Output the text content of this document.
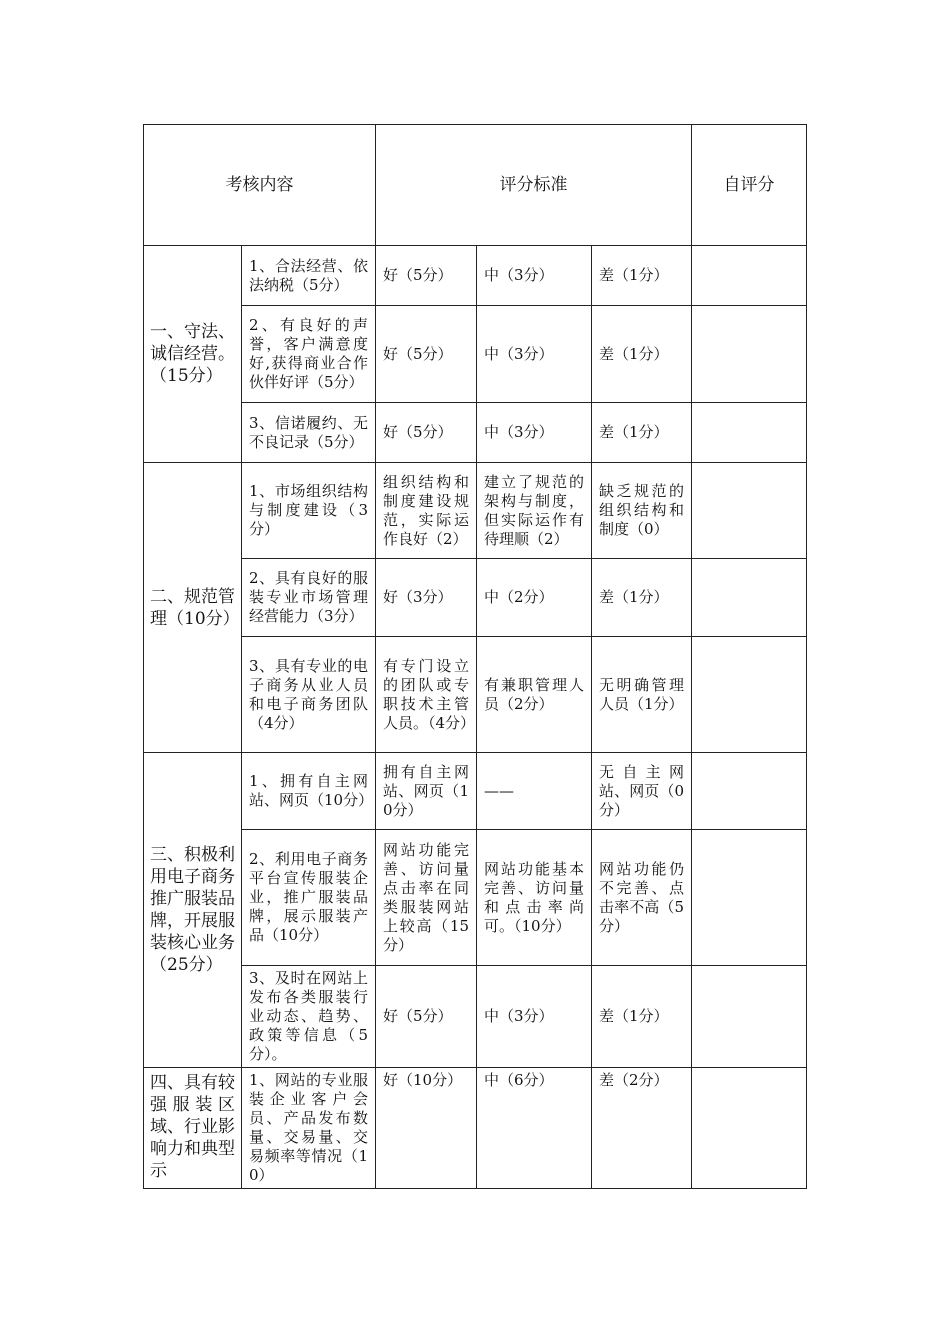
考核内容		评分标准			自评分
一、守法、诚信经营。（15分）	1、合法经营、依法纳税（5分）	好（5分）	中（3分）	差（1分）	
	2、有良好的声誉，客户满意度好,获得商业合作伙伴好评（5分）	好（5分）	中（3分）	差（1分）	
	3、信诺履约、无不良记录（5分）	好（5分）	中（3分）	差（1分）	
二、规范管理（10分）	1、市场组织结构与制度建设（3分）	组织结构和制度建设规范，实际运作良好（2）	建立了规范的架构与制度，但实际运作有待理顺（2）	缺乏规范的组织结构和制度（0）	
	2、具有良好的服装专业市场管理经营能力（3分）	好（3分）	中（2分）	差（1分）	
	3、具有专业的电子商务从业人员和电子商务团队（4分）	有专门设立的团队或专职技术主管人员。（4分）	有兼职管理人员（2分）	无明确管理人员（1分）	
三、积极利用电子商务推广服装品牌，开展服装核心业务（25分）	1、拥有自主网站、网页（10分）	拥有自主网站、网页（10分）	——	无自主网站、网页（0分）	
	2、利用电子商务平台宣传服装企业，推广服装品牌，展示服装产品（10分）	网站功能完善、访问量点击率在同类服装网站上较高（15分）	网站功能基本完善、访问量和点击率尚可。（10分）	网站功能仍不完善、点击率不高（5分）	
	3、及时在网站上发布各类服装行业动态、趋势、政策等信息（5分）。	好（5分）	中（3分）	差（1分）	
四、具有较强服装区域、行业影响力和典型示	1、网站的专业服装企业客户会员、产品发布数量、交易量、交易频率等情况（10）	好（10分）	中（6分）	差（2分）	
